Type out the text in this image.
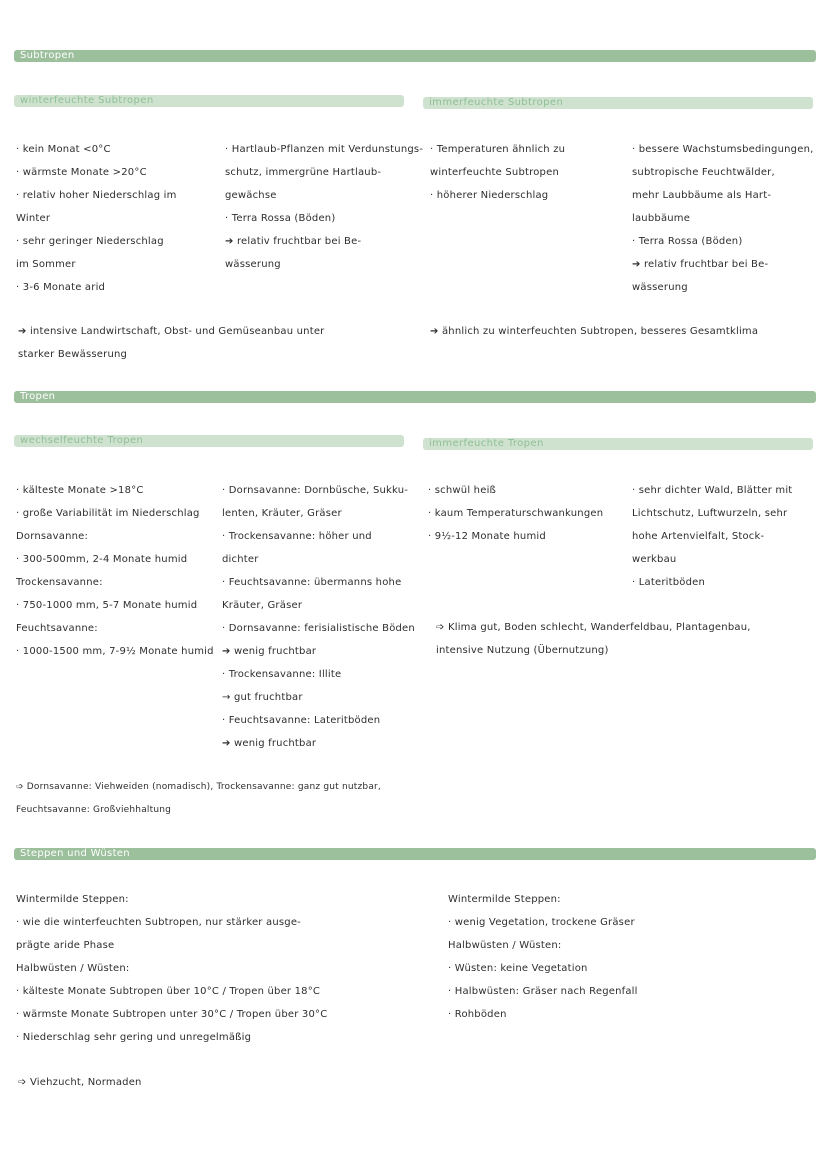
Subtropen
winterfeuchte Subtropen	immerfeuchte Subtropen
· kein Monat <0°C
· wärmste Monate >20°C
· relativ hoher Niederschlag im
Winter
· sehr geringer Niederschlag
im Sommer
· 3-6 Monate arid
· Hartlaub-Pflanzen mit Verdunstungs-
schutz, immergrüne Hartlaub-
gewächse
· Terra Rossa (Böden)
➔ relativ fruchtbar bei Be-
wässerung
· Temperaturen ähnlich zu
winterfeuchte Subtropen
· höherer Niederschlag
· bessere Wachstumsbedingungen,
subtropische Feuchtwälder,
mehr Laubbäume als Hart-
laubbäume
· Terra Rossa (Böden)
➔ relativ fruchtbar bei Be-
wässerung
➔ intensive Landwirtschaft, Obst- und Gemüseanbau unter
starker Bewässerung
➔ ähnlich zu winterfeuchten Subtropen, besseres Gesamtklima
Tropen
wechselfeuchte Tropen	immerfeuchte Tropen
· kälteste Monate >18°C
· große Variabilität im Niederschlag
Dornsavanne:
· 300-500mm, 2-4 Monate humid
Trockensavanne:
· 750-1000 mm, 5-7 Monate humid
Feuchtsavanne:
· 1000-1500 mm, 7-9½ Monate humid
· Dornsavanne: Dornbüsche, Sukku-
lenten, Kräuter, Gräser
· Trockensavanne: höher und
dichter
· Feuchtsavanne: übermanns hohe
Kräuter, Gräser
· Dornsavanne: ferisialistische Böden
➔ wenig fruchtbar
· Trockensavanne: Illite
→ gut fruchtbar
· Feuchtsavanne: Lateritböden
➔ wenig fruchtbar
· schwül heiß
· kaum Temperaturschwankungen
· 9½-12 Monate humid
· sehr dichter Wald, Blätter mit
Lichtschutz, Luftwurzeln, sehr
hohe Artenvielfalt, Stock-
werkbau
· Lateritböden
➩ Klima gut, Boden schlecht, Wanderfeldbau, Plantagenbau,
intensive Nutzung (Übernutzung)
➩ Dornsavanne: Viehweiden (nomadisch), Trockensavanne: ganz gut nutzbar,
Feuchtsavanne: Großviehhaltung
Steppen und Wüsten
Wintermilde Steppen:
· wie die winterfeuchten Subtropen, nur stärker ausge-
prägte aride Phase
Halbwüsten / Wüsten:
· kälteste Monate Subtropen über 10°C / Tropen über 18°C
· wärmste Monate Subtropen unter 30°C / Tropen über 30°C
· Niederschlag sehr gering und unregelmäßig
Wintermilde Steppen:
· wenig Vegetation, trockene Gräser
Halbwüsten / Wüsten:
· Wüsten: keine Vegetation
· Halbwüsten: Gräser nach Regenfall
· Rohböden
➩ Viehzucht, Normaden
